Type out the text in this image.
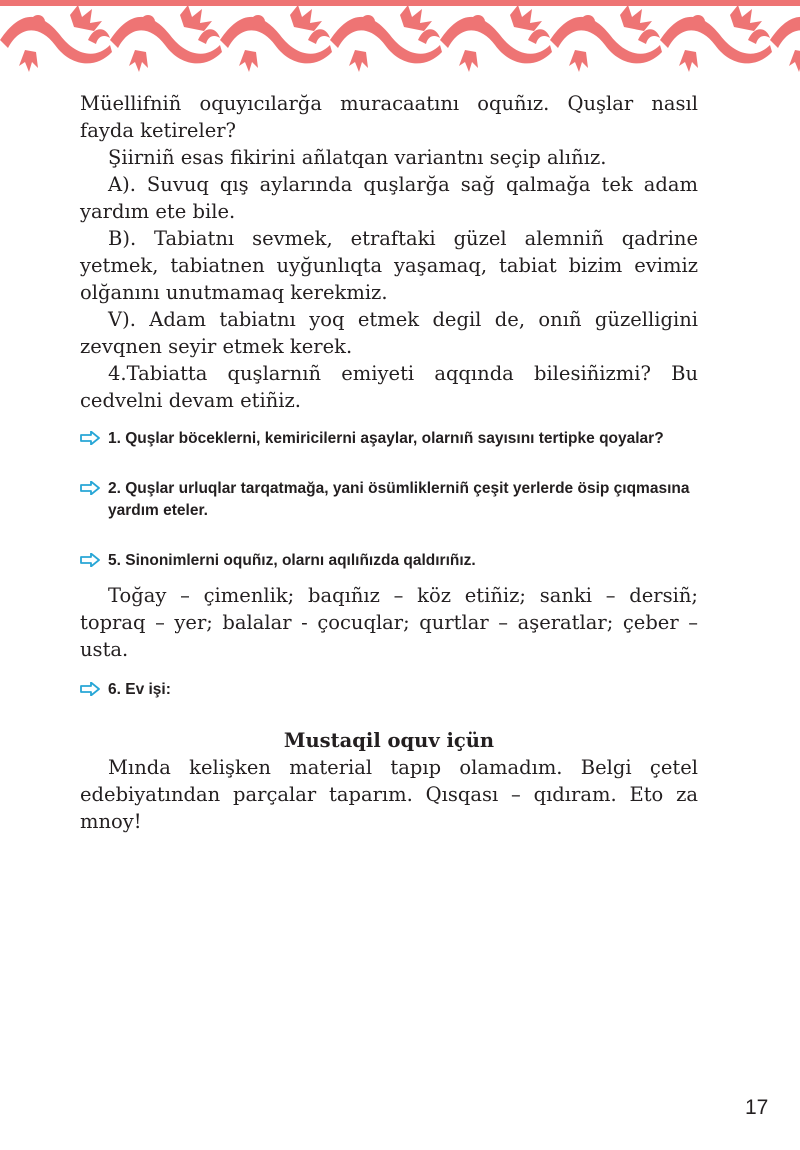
Müellifniñ oquyıcılarğa muracaatını oquñız. Quşlar nasıl fayda ketireler?

Şiirniñ esas fikirini añlatqan variantnı seçip alıñız.

A). Suvuq qış aylarında quşlarğa sağ qalmağa tek adam yardım ete bile.

B). Tabiatnı sevmek, etraftaki güzel alemniñ qadrine yetmek, tabiatnen uyğunlıqta yaşamaq, tabiat bizim evimiz olğanını unutmamaq kerekmiz.

V). Adam tabiatnı yoq etmek degil de, onıñ güzelligini zevqnen seyir etmek kerek.

4.Tabiatta quşlarnıñ emiyeti aqqında bilesiñizmi? Bu cedvelni devam etiñiz.

1. Quşlar böceklerni, kemiricilerni aşaylar, olarnıñ sayısını tertipke qoyalar?
2. Quşlar urluqlar tarqatmağa, yani ösümliklerniñ çeşit yerlerde ösip çıqmasına yardım eteler.
5. Sinonimlerni oquñız, olarnı aqılıñızda qaldırıñız.

Toğay – çimenlik; baqıñız – köz etiñiz; sanki – dersiñ; topraq – yer; balalar - çocuqlar; qurtlar – aşeratlar; çeber – usta.

6. Ev işi:

Mustaqil oquv içün

Mında kelişken material tapıp olamadım. Belgi çetel edebiyatından parçalar taparım. Qısqası – qıdıram. Eto za mnoy!

17
